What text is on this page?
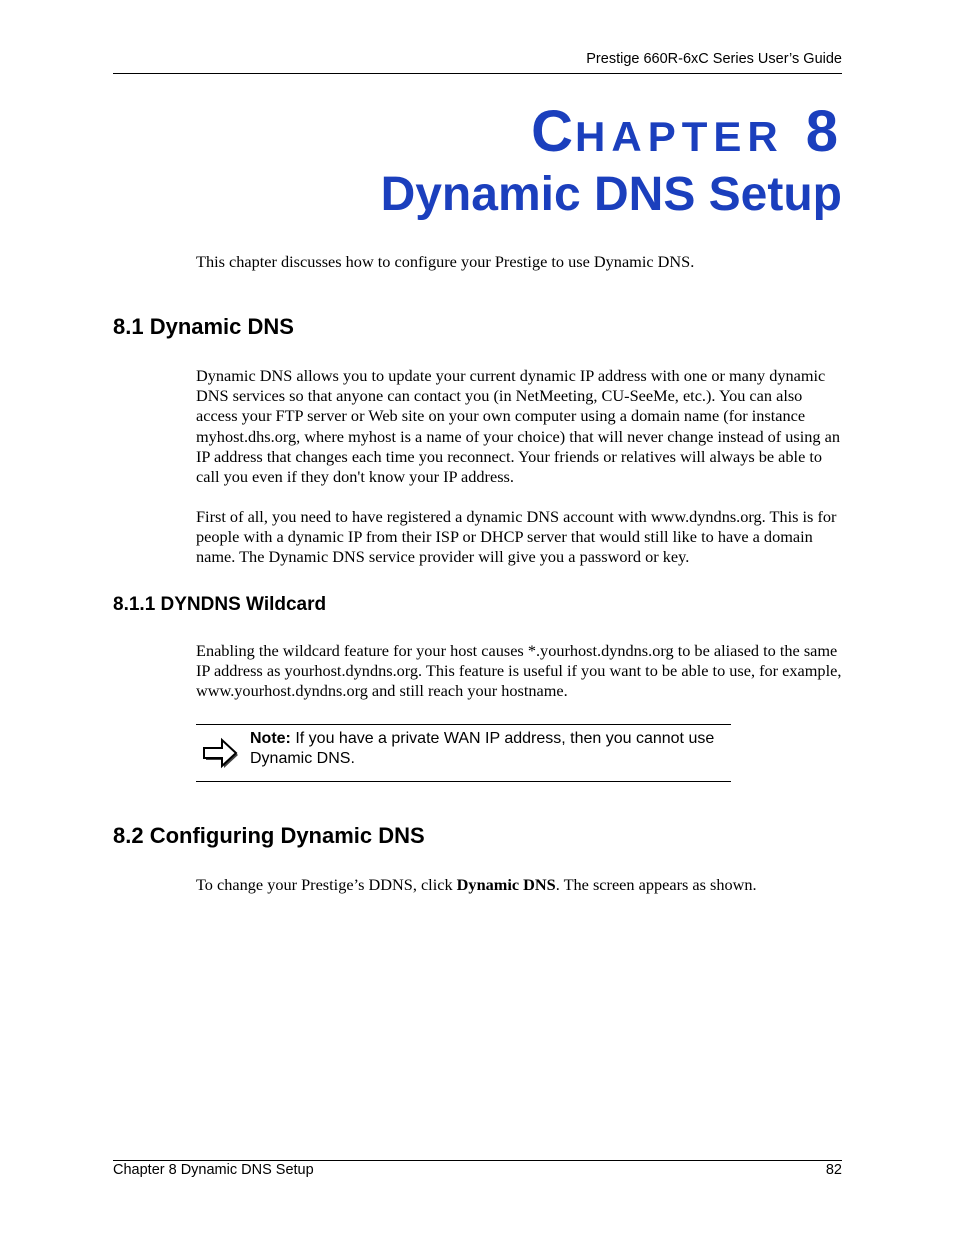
Prestige 660R-6xC Series User’s Guide
CHAPTER 8
Dynamic DNS Setup

This chapter discusses how to configure your Prestige to use Dynamic DNS.

8.1 Dynamic DNS

Dynamic DNS allows you to update your current dynamic IP address with one or many dynamic DNS services so that anyone can contact you (in NetMeeting, CU-SeeMe, etc.). You can also access your FTP server or Web site on your own computer using a domain name (for instance myhost.dhs.org, where myhost is a name of your choice) that will never change instead of using an IP address that changes each time you reconnect. Your friends or relatives will always be able to call you even if they don't know your IP address.

First of all, you need to have registered a dynamic DNS account with www.dyndns.org. This is for people with a dynamic IP from their ISP or DHCP server that would still like to have a domain name. The Dynamic DNS service provider will give you a password or key.

8.1.1 DYNDNS Wildcard

Enabling the wildcard feature for your host causes *.yourhost.dyndns.org to be aliased to the same IP address as yourhost.dyndns.org. This feature is useful if you want to be able to use, for example, www.yourhost.dyndns.org and still reach your hostname.

Note: If you have a private WAN IP address, then you cannot use Dynamic DNS.
8.2 Configuring Dynamic DNS

To change your Prestige’s DDNS, click Dynamic DNS. The screen appears as shown.

Chapter 8 Dynamic DNS Setup	82
